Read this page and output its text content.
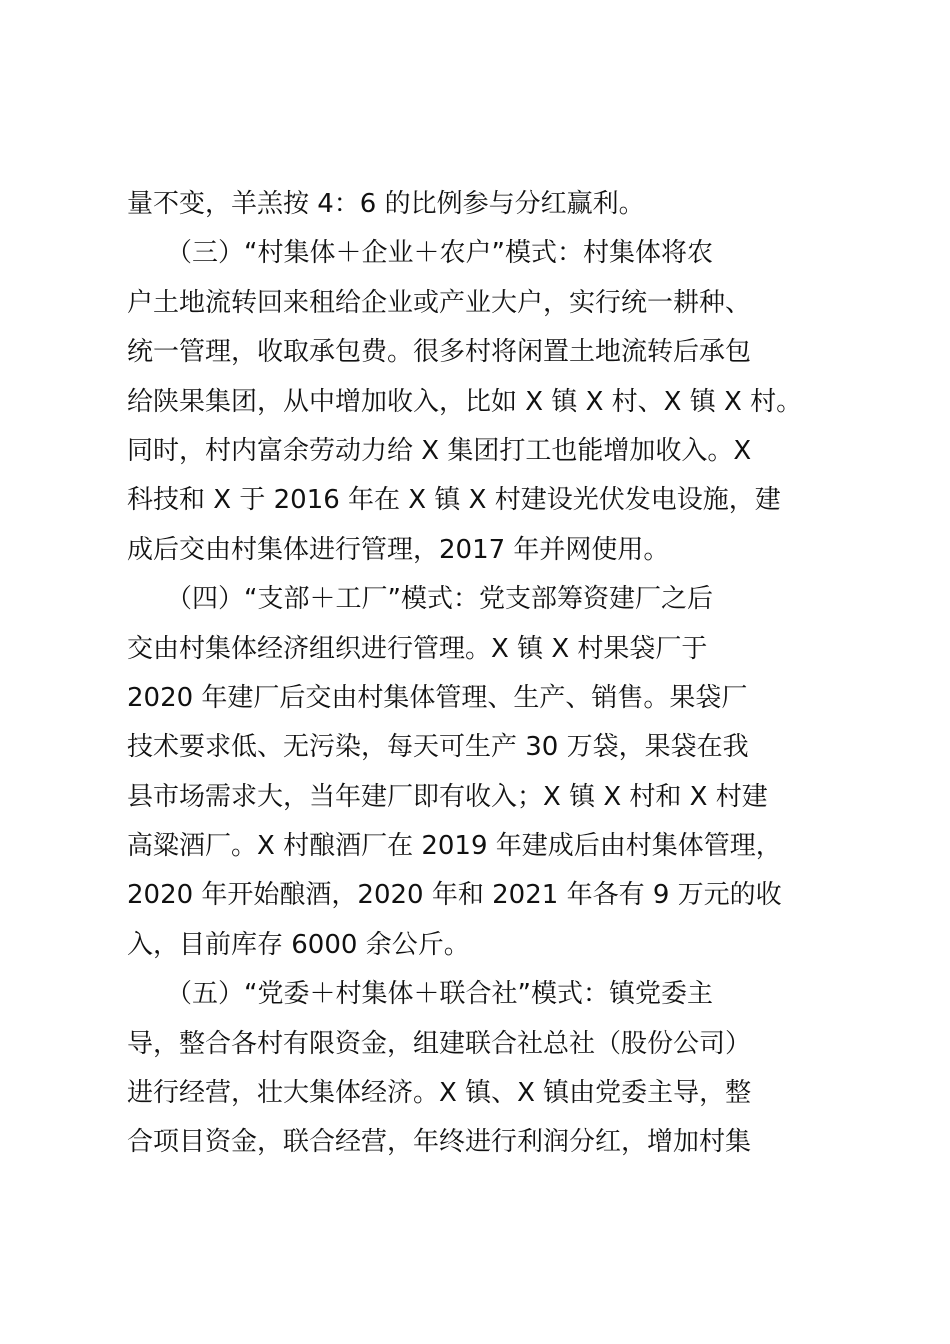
量不变，羊羔按 4：6 的比例参与分红赢利。
　　（三）“村集体＋企业＋农户”模式：村集体将农
户土地流转回来租给企业或产业大户，实行统一耕种、
统一管理，收取承包费。很多村将闲置土地流转后承包
给陕果集团，从中增加收入，比如 X 镇 X 村、X 镇 X 村。
同时，村内富余劳动力给 X 集团打工也能增加收入。X
科技和 X 于 2016 年在 X 镇 X 村建设光伏发电设施，建
成后交由村集体进行管理，2017 年并网使用。
　　（四）“支部＋工厂”模式：党支部筹资建厂之后
交由村集体经济组织进行管理。X 镇 X 村果袋厂于
2020 年建厂后交由村集体管理、生产、销售。果袋厂
技术要求低、无污染，每天可生产 30 万袋，果袋在我
县市场需求大，当年建厂即有收入；X 镇 X 村和 X 村建
高粱酒厂。X 村酿酒厂在 2019 年建成后由村集体管理，
2020 年开始酿酒，2020 年和 2021 年各有 9 万元的收
入，目前库存 6000 余公斤。
　　（五）“党委＋村集体＋联合社”模式：镇党委主
导，整合各村有限资金，组建联合社总社（股份公司）
进行经营，壮大集体经济。X 镇、X 镇由党委主导，整
合项目资金，联合经营，年终进行利润分红，增加村集
